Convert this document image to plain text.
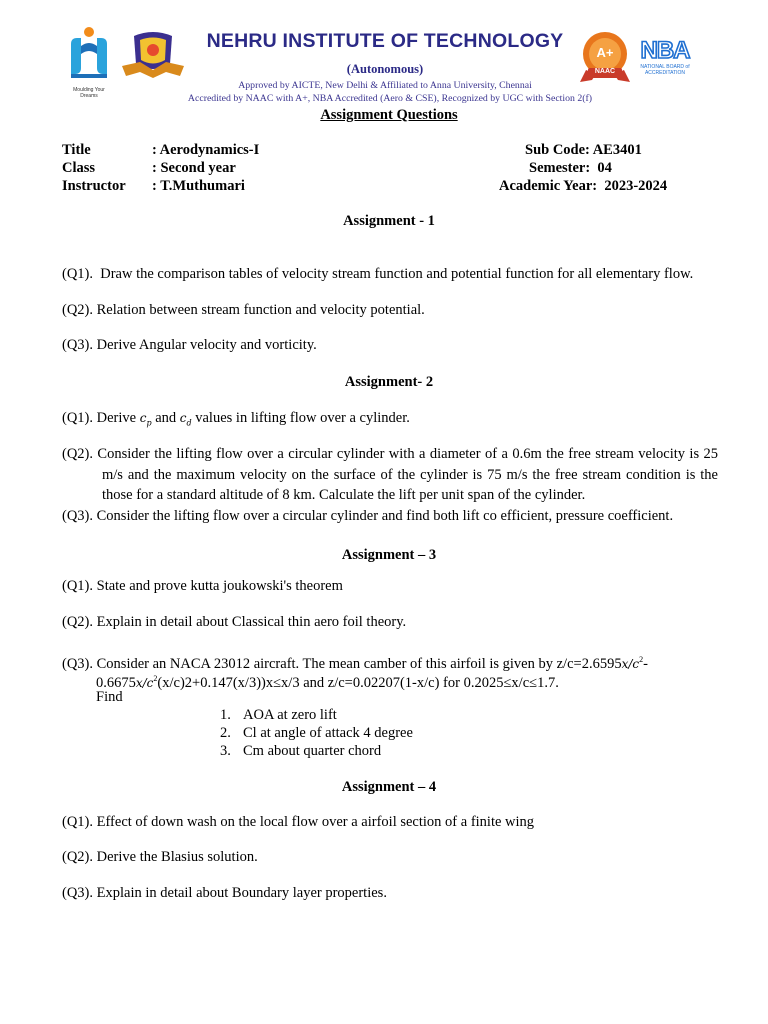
Moulding Your Dreams
A+
NAAC
NBA
NATIONAL BOARD of ACCREDITATION
NEHRU INSTITUTE OF TECHNOLOGY
(Autonomous)
Approved by AICTE, New Delhi & Affiliated to Anna University, Chennai
Accredited by NAAC with A+, NBA Accredited (Aero & CSE), Recognized by UGC with Section 2(f)
Assignment Questions
Title	: Aerodynamics-I
Class	: Second year
Instructor : T.Muthumari
Sub Code: AE3401
Semester:  04
Academic Year:  2023-2024
Assignment - 1
(Q1).  Draw the comparison tables of velocity stream function and potential function for all elementary flow.
(Q2). Relation between stream function and velocity potential.
(Q3). Derive Angular velocity and vorticity.
Assignment- 2
(Q1). Derive $c_p$ and $c_d$ values in lifting flow over a cylinder.
(Q2). Consider the lifting flow over a circular cylinder with a diameter of a 0.6m the free stream velocity is 25 m/s and the maximum velocity on the surface of the cylinder is 75 m/s the free stream condition is the those for a standard altitude of 8 km. Calculate the lift per unit span of the cylinder.
(Q3). Consider the lifting flow over a circular cylinder and find both lift co efficient, pressure coefficient.
Assignment – 3
(Q1). State and prove kutta joukowski's theorem
(Q2). Explain in detail about Classical thin aero foil theory.
(Q3). Consider an NACA 23012 aircraft. The mean camber of this airfoil is given by $z/c=2.6595x/c^2-$
$0.6675x/c^2(x/c)2+0.147(x/3))x\le x/3$ and z/c=0.02207(1-x/c) for 0.2025≤x/c≤1.7.
Find
1. AOA at zero lift
2. Cl at angle of attack 4 degree
3. Cm about quarter chord
Assignment – 4
(Q1). Effect of down wash on the local flow over a airfoil section of a finite wing
(Q2). Derive the Blasius solution.
(Q3). Explain in detail about Boundary layer properties.
